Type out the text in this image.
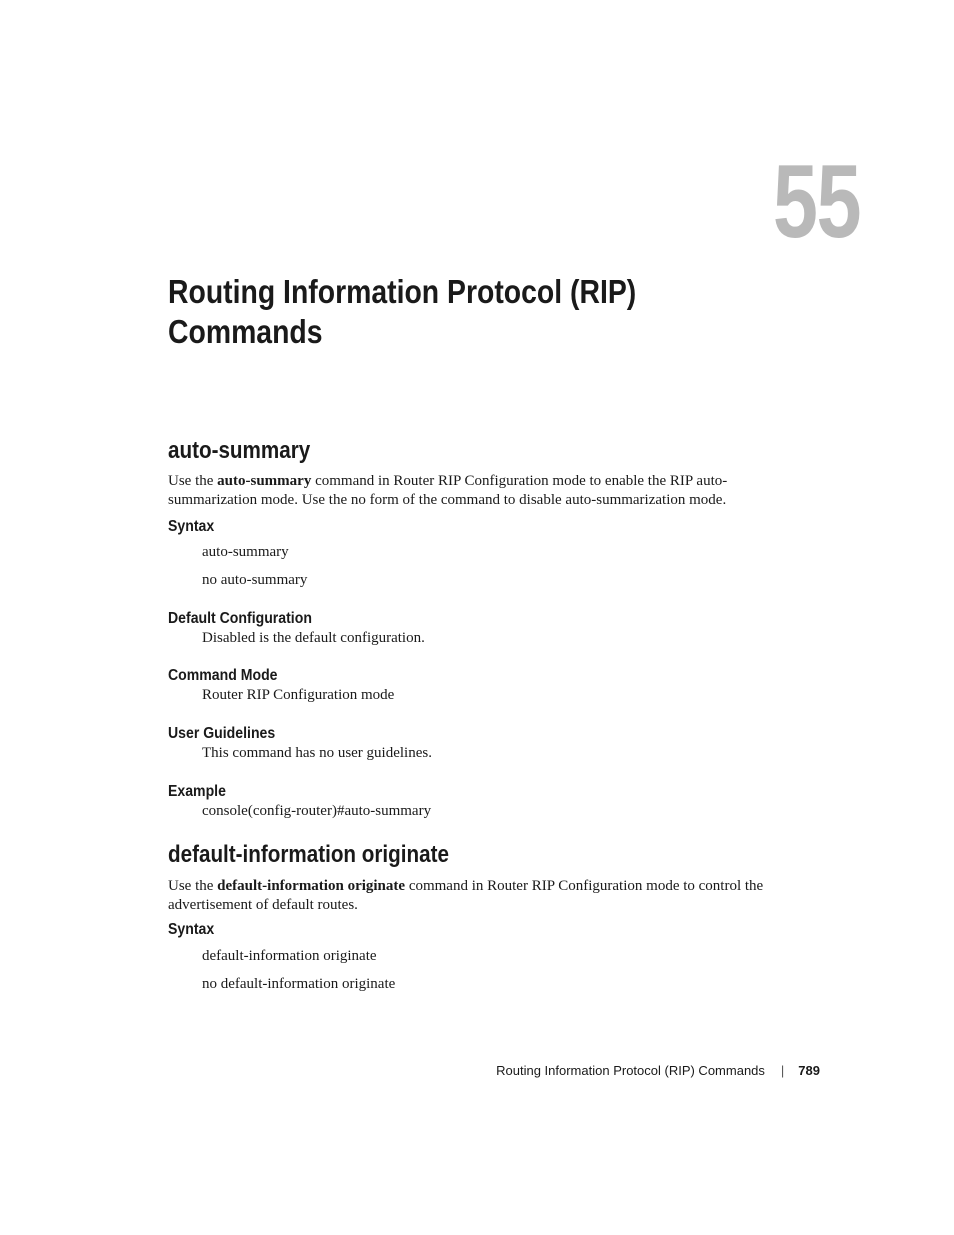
55
Routing Information Protocol (RIP)
Commands
auto-summary
Use the auto-summary command in Router RIP Configuration mode to enable the RIP auto-
summarization mode. Use the no form of the command to disable auto-summarization mode.
Syntax
auto-summary
no auto-summary
Default Configuration
Disabled is the default configuration.
Command Mode
Router RIP Configuration mode
User Guidelines
This command has no user guidelines.
Example
console(config-router)#auto-summary
default-information originate
Use the default-information originate command in Router RIP Configuration mode to control the
advertisement of default routes.
Syntax
default-information originate
no default-information originate
Routing Information Protocol (RIP) Commands | 789
